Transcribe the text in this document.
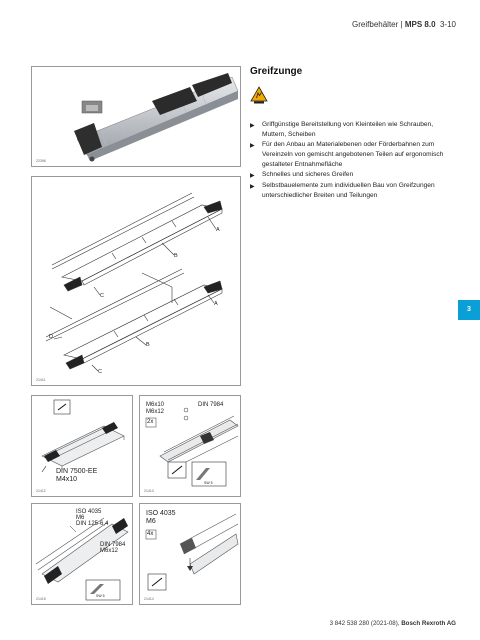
Greifbehälter | MPS 8.0 3-10
22396
A
B
C
A
D
B
C
21411
DIN 7500-EE
M4x10
21412
M6x10
M6x12
DIN 7984
2x
SW 5
21413
ISO 4035
M6
DIN 125-6,4
DIN 7984
M6x12
SW 5
21415
ISO 4035
M6
4x
21414
Greifzunge
▶ Griffgünstige Bereitstellung von Kleinteilen wie Schrauben, Muttern, Scheiben
▶ Für den Anbau an Materialebenen oder Förderbahnen zum Vereinzeln von gemischt angebotenen Teilen auf ergonomisch gestalteter Entnahmefläche
▶ Schnelles und sicheres Greifen
▶ Selbstbauelemente zum individuellen Bau von Greifzungen unterschiedlicher Breiten und Teilungen
3
3 842 538 280 (2021-08), Bosch Rexroth AG
